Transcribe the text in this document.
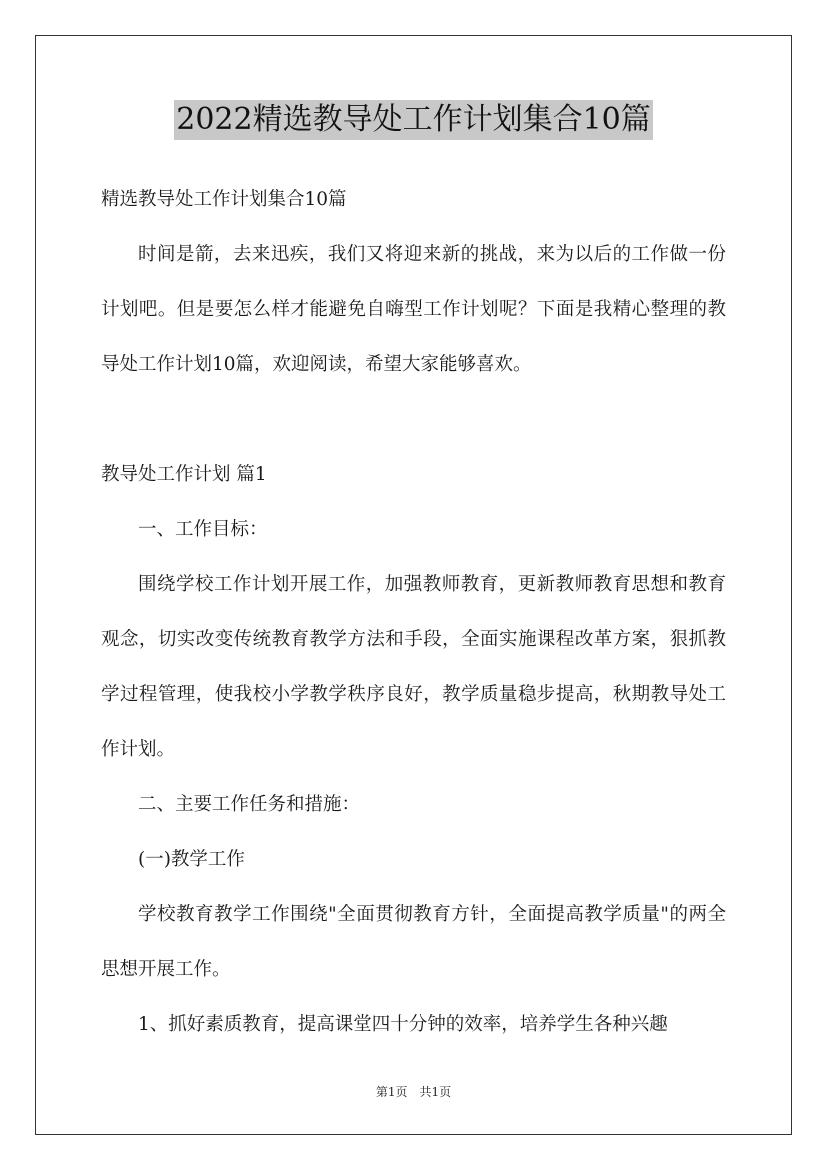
2022精选教导处工作计划集合10篇

精选教导处工作计划集合10篇

时间是箭，去来迅疾，我们又将迎来新的挑战，来为以后的工作做一份计划吧。但是要怎么样才能避免自嗨型工作计划呢？下面是我精心整理的教导处工作计划10篇，欢迎阅读，希望大家能够喜欢。

教导处工作计划 篇1

一、工作目标：

围绕学校工作计划开展工作，加强教师教育，更新教师教育思想和教育观念，切实改变传统教育教学方法和手段，全面实施课程改革方案，狠抓教学过程管理，使我校小学教学秩序良好，教学质量稳步提高，秋期教导处工作计划。

二、主要工作任务和措施：

(一)教学工作

学校教育教学工作围绕"全面贯彻教育方针，全面提高教学质量"的两全思想开展工作。

1、抓好素质教育，提高课堂四十分钟的效率，培养学生各种兴趣

第1页　共1页
